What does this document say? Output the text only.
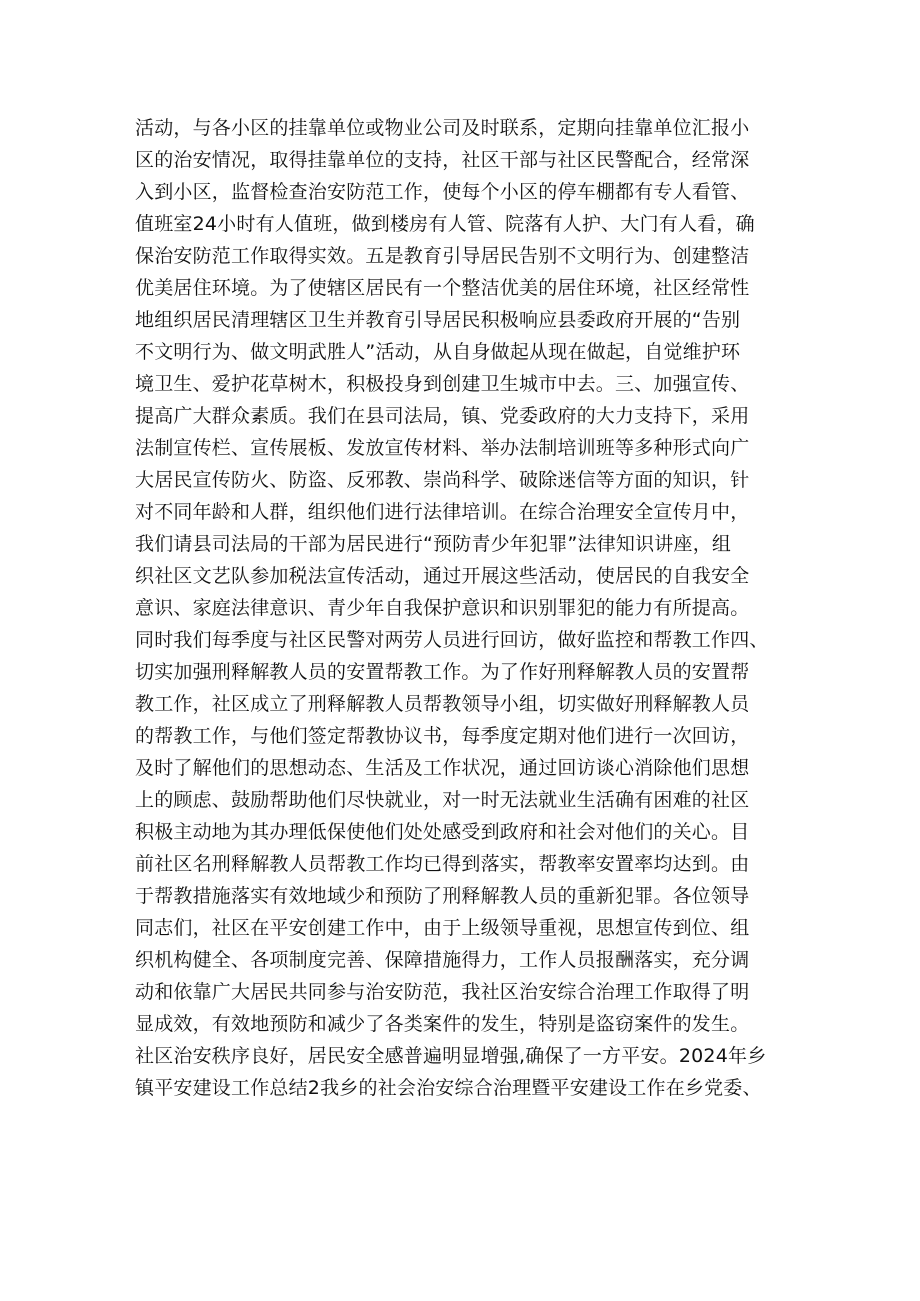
活动，与各小区的挂靠单位或物业公司及时联系，定期向挂靠单位汇报小
区的治安情况，取得挂靠单位的支持，社区干部与社区民警配合，经常深
入到小区，监督检查治安防范工作，使每个小区的停车棚都有专人看管、
值班室24小时有人值班，做到楼房有人管、院落有人护、大门有人看，确
保治安防范工作取得实效。五是教育引导居民告别不文明行为、创建整洁
优美居住环境。为了使辖区居民有一个整洁优美的居住环境，社区经常性
地组织居民清理辖区卫生并教育引导居民积极响应县委政府开展的“告别
不文明行为、做文明武胜人”活动，从自身做起从现在做起，自觉维护环
境卫生、爱护花草树木，积极投身到创建卫生城市中去。三、加强宣传、
提高广大群众素质。我们在县司法局，镇、党委政府的大力支持下，采用
法制宣传栏、宣传展板、发放宣传材料、举办法制培训班等多种形式向广
大居民宣传防火、防盗、反邪教、崇尚科学、破除迷信等方面的知识，针
对不同年龄和人群，组织他们进行法律培训。在综合治理安全宣传月中，
我们请县司法局的干部为居民进行“预防青少年犯罪”法律知识讲座，组
织社区文艺队参加税法宣传活动，通过开展这些活动，使居民的自我安全
意识、家庭法律意识、青少年自我保护意识和识别罪犯的能力有所提高。
同时我们每季度与社区民警对两劳人员进行回访，做好监控和帮教工作四、
切实加强刑释解教人员的安置帮教工作。为了作好刑释解教人员的安置帮
教工作，社区成立了刑释解教人员帮教领导小组，切实做好刑释解教人员
的帮教工作，与他们签定帮教协议书，每季度定期对他们进行一次回访，
及时了解他们的思想动态、生活及工作状况，通过回访谈心消除他们思想
上的顾虑、鼓励帮助他们尽快就业，对一时无法就业生活确有困难的社区
积极主动地为其办理低保使他们处处感受到政府和社会对他们的关心。目
前社区名刑释解教人员帮教工作均已得到落实，帮教率安置率均达到。由
于帮教措施落实有效地域少和预防了刑释解教人员的重新犯罪。各位领导
同志们，社区在平安创建工作中，由于上级领导重视，思想宣传到位、组
织机构健全、各项制度完善、保障措施得力，工作人员报酬落实，充分调
动和依靠广大居民共同参与治安防范，我社区治安综合治理工作取得了明
显成效，有效地预防和减少了各类案件的发生，特别是盗窃案件的发生。
社区治安秩序良好，居民安全感普遍明显增强,确保了一方平安。2024年乡
镇平安建设工作总结2我乡的社会治安综合治理暨平安建设工作在乡党委、
